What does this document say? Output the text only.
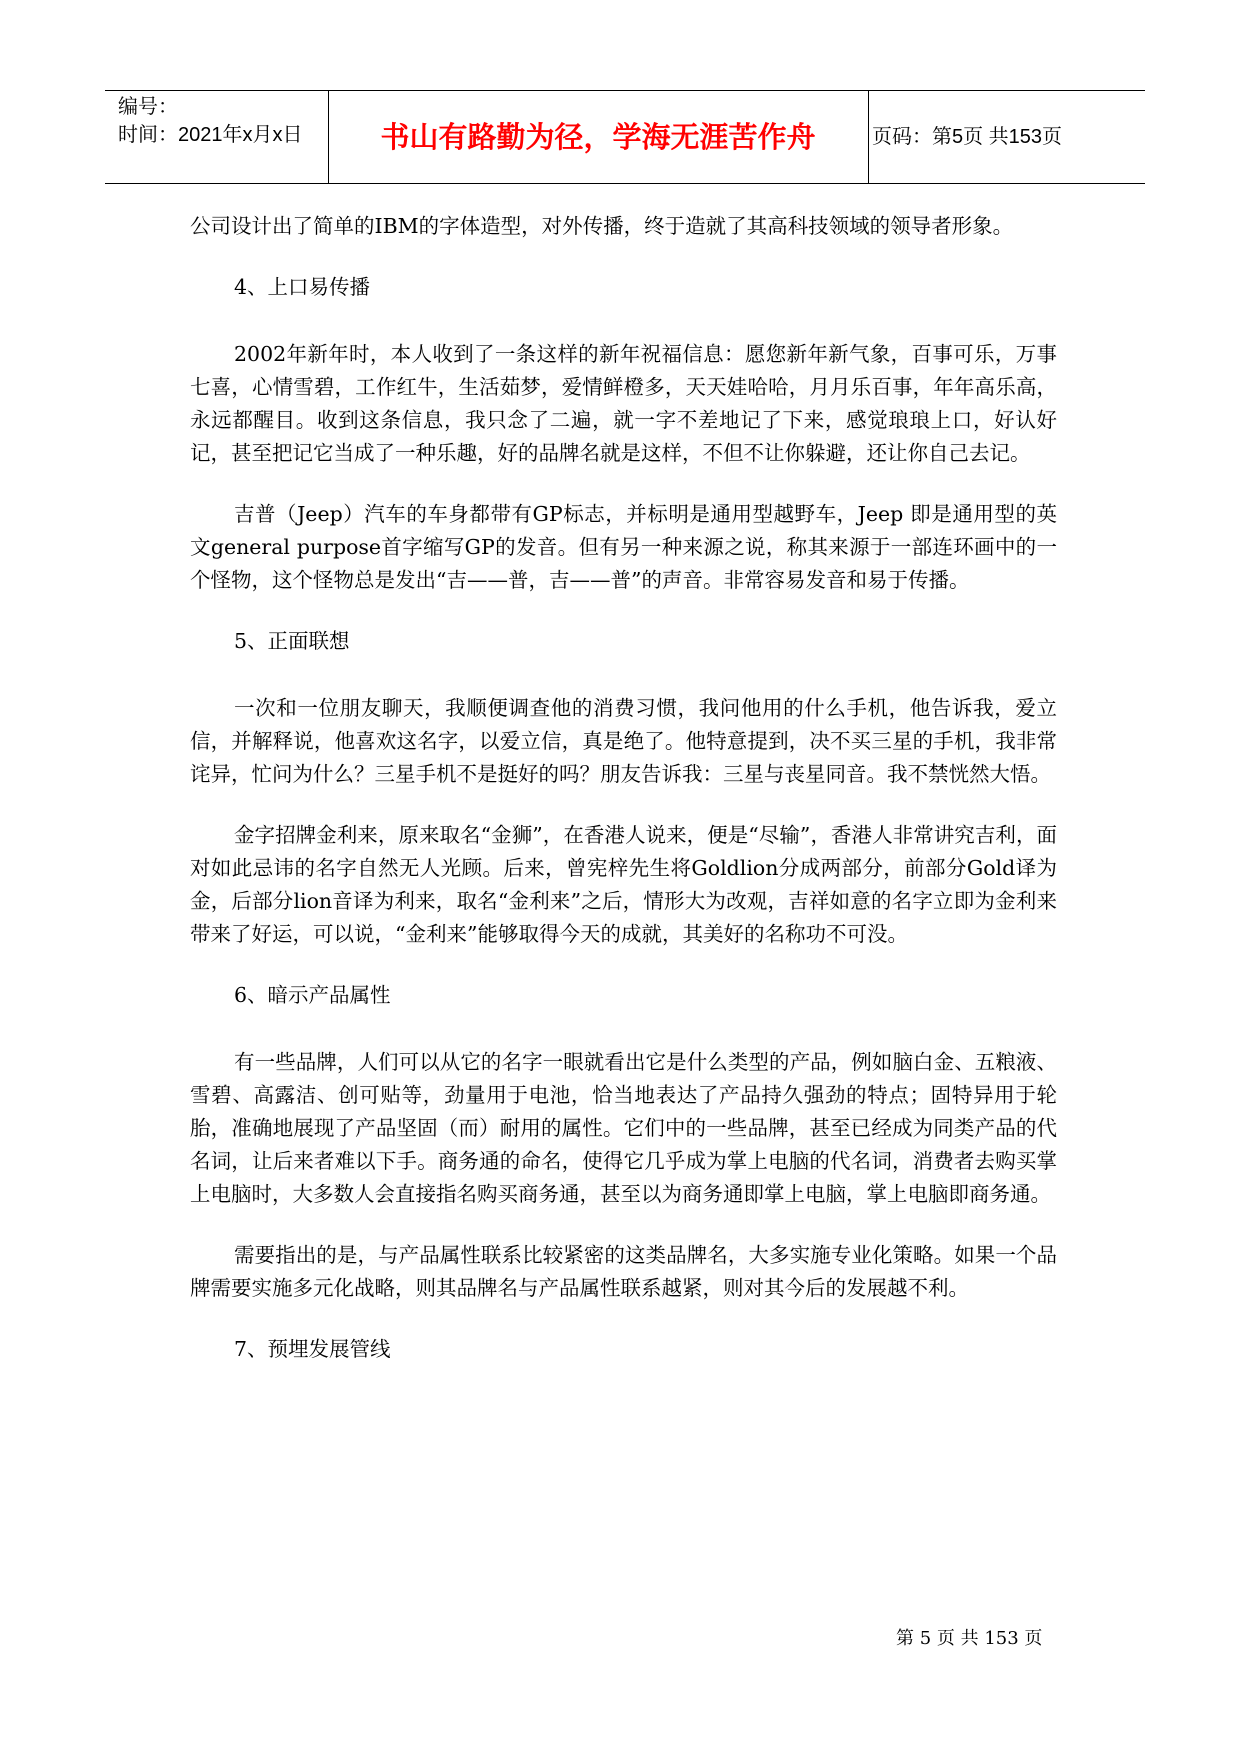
编号：
时间：2021年x月x日	书山有路勤为径，学海无涯苦作舟	页码：第5页 共153页

公司设计出了简单的IBM的字体造型，对外传播，终于造就了其高科技领域的领导者形象。

4、上口易传播

2002年新年时，本人收到了一条这样的新年祝福信息：愿您新年新气象，百事可乐，万事七喜，心情雪碧，工作红牛，生活茹梦，爱情鲜橙多，天天娃哈哈，月月乐百事，年年高乐高，永远都醒目。收到这条信息，我只念了二遍，就一字不差地记了下来，感觉琅琅上口，好认好记，甚至把记它当成了一种乐趣，好的品牌名就是这样，不但不让你躲避，还让你自己去记。

吉普（Jeep）汽车的车身都带有GP标志，并标明是通用型越野车，Jeep 即是通用型的英文general purpose首字缩写GP的发音。但有另一种来源之说，称其来源于一部连环画中的一个怪物，这个怪物总是发出“吉——普，吉——普”的声音。非常容易发音和易于传播。

5、正面联想

一次和一位朋友聊天，我顺便调查他的消费习惯，我问他用的什么手机，他告诉我，爱立信，并解释说，他喜欢这名字，以爱立信，真是绝了。他特意提到，决不买三星的手机，我非常诧异，忙问为什么？三星手机不是挺好的吗？朋友告诉我：三星与丧星同音。我不禁恍然大悟。

金字招牌金利来，原来取名“金狮”，在香港人说来，便是“尽输”，香港人非常讲究吉利，面对如此忌讳的名字自然无人光顾。后来，曾宪梓先生将Goldlion分成两部分，前部分Gold译为金，后部分lion音译为利来，取名“金利来”之后，情形大为改观，吉祥如意的名字立即为金利来带来了好运，可以说，“金利来”能够取得今天的成就，其美好的名称功不可没。

6、暗示产品属性

有一些品牌，人们可以从它的名字一眼就看出它是什么类型的产品，例如脑白金、五粮液、雪碧、高露洁、创可贴等，劲量用于电池，恰当地表达了产品持久强劲的特点；固特异用于轮胎，准确地展现了产品坚固（而）耐用的属性。它们中的一些品牌，甚至已经成为同类产品的代名词，让后来者难以下手。商务通的命名，使得它几乎成为掌上电脑的代名词，消费者去购买掌上电脑时，大多数人会直接指名购买商务通，甚至以为商务通即掌上电脑，掌上电脑即商务通。

需要指出的是，与产品属性联系比较紧密的这类品牌名，大多实施专业化策略。如果一个品牌需要实施多元化战略，则其品牌名与产品属性联系越紧，则对其今后的发展越不利。

7、预埋发展管线

第 5 页 共 153 页
